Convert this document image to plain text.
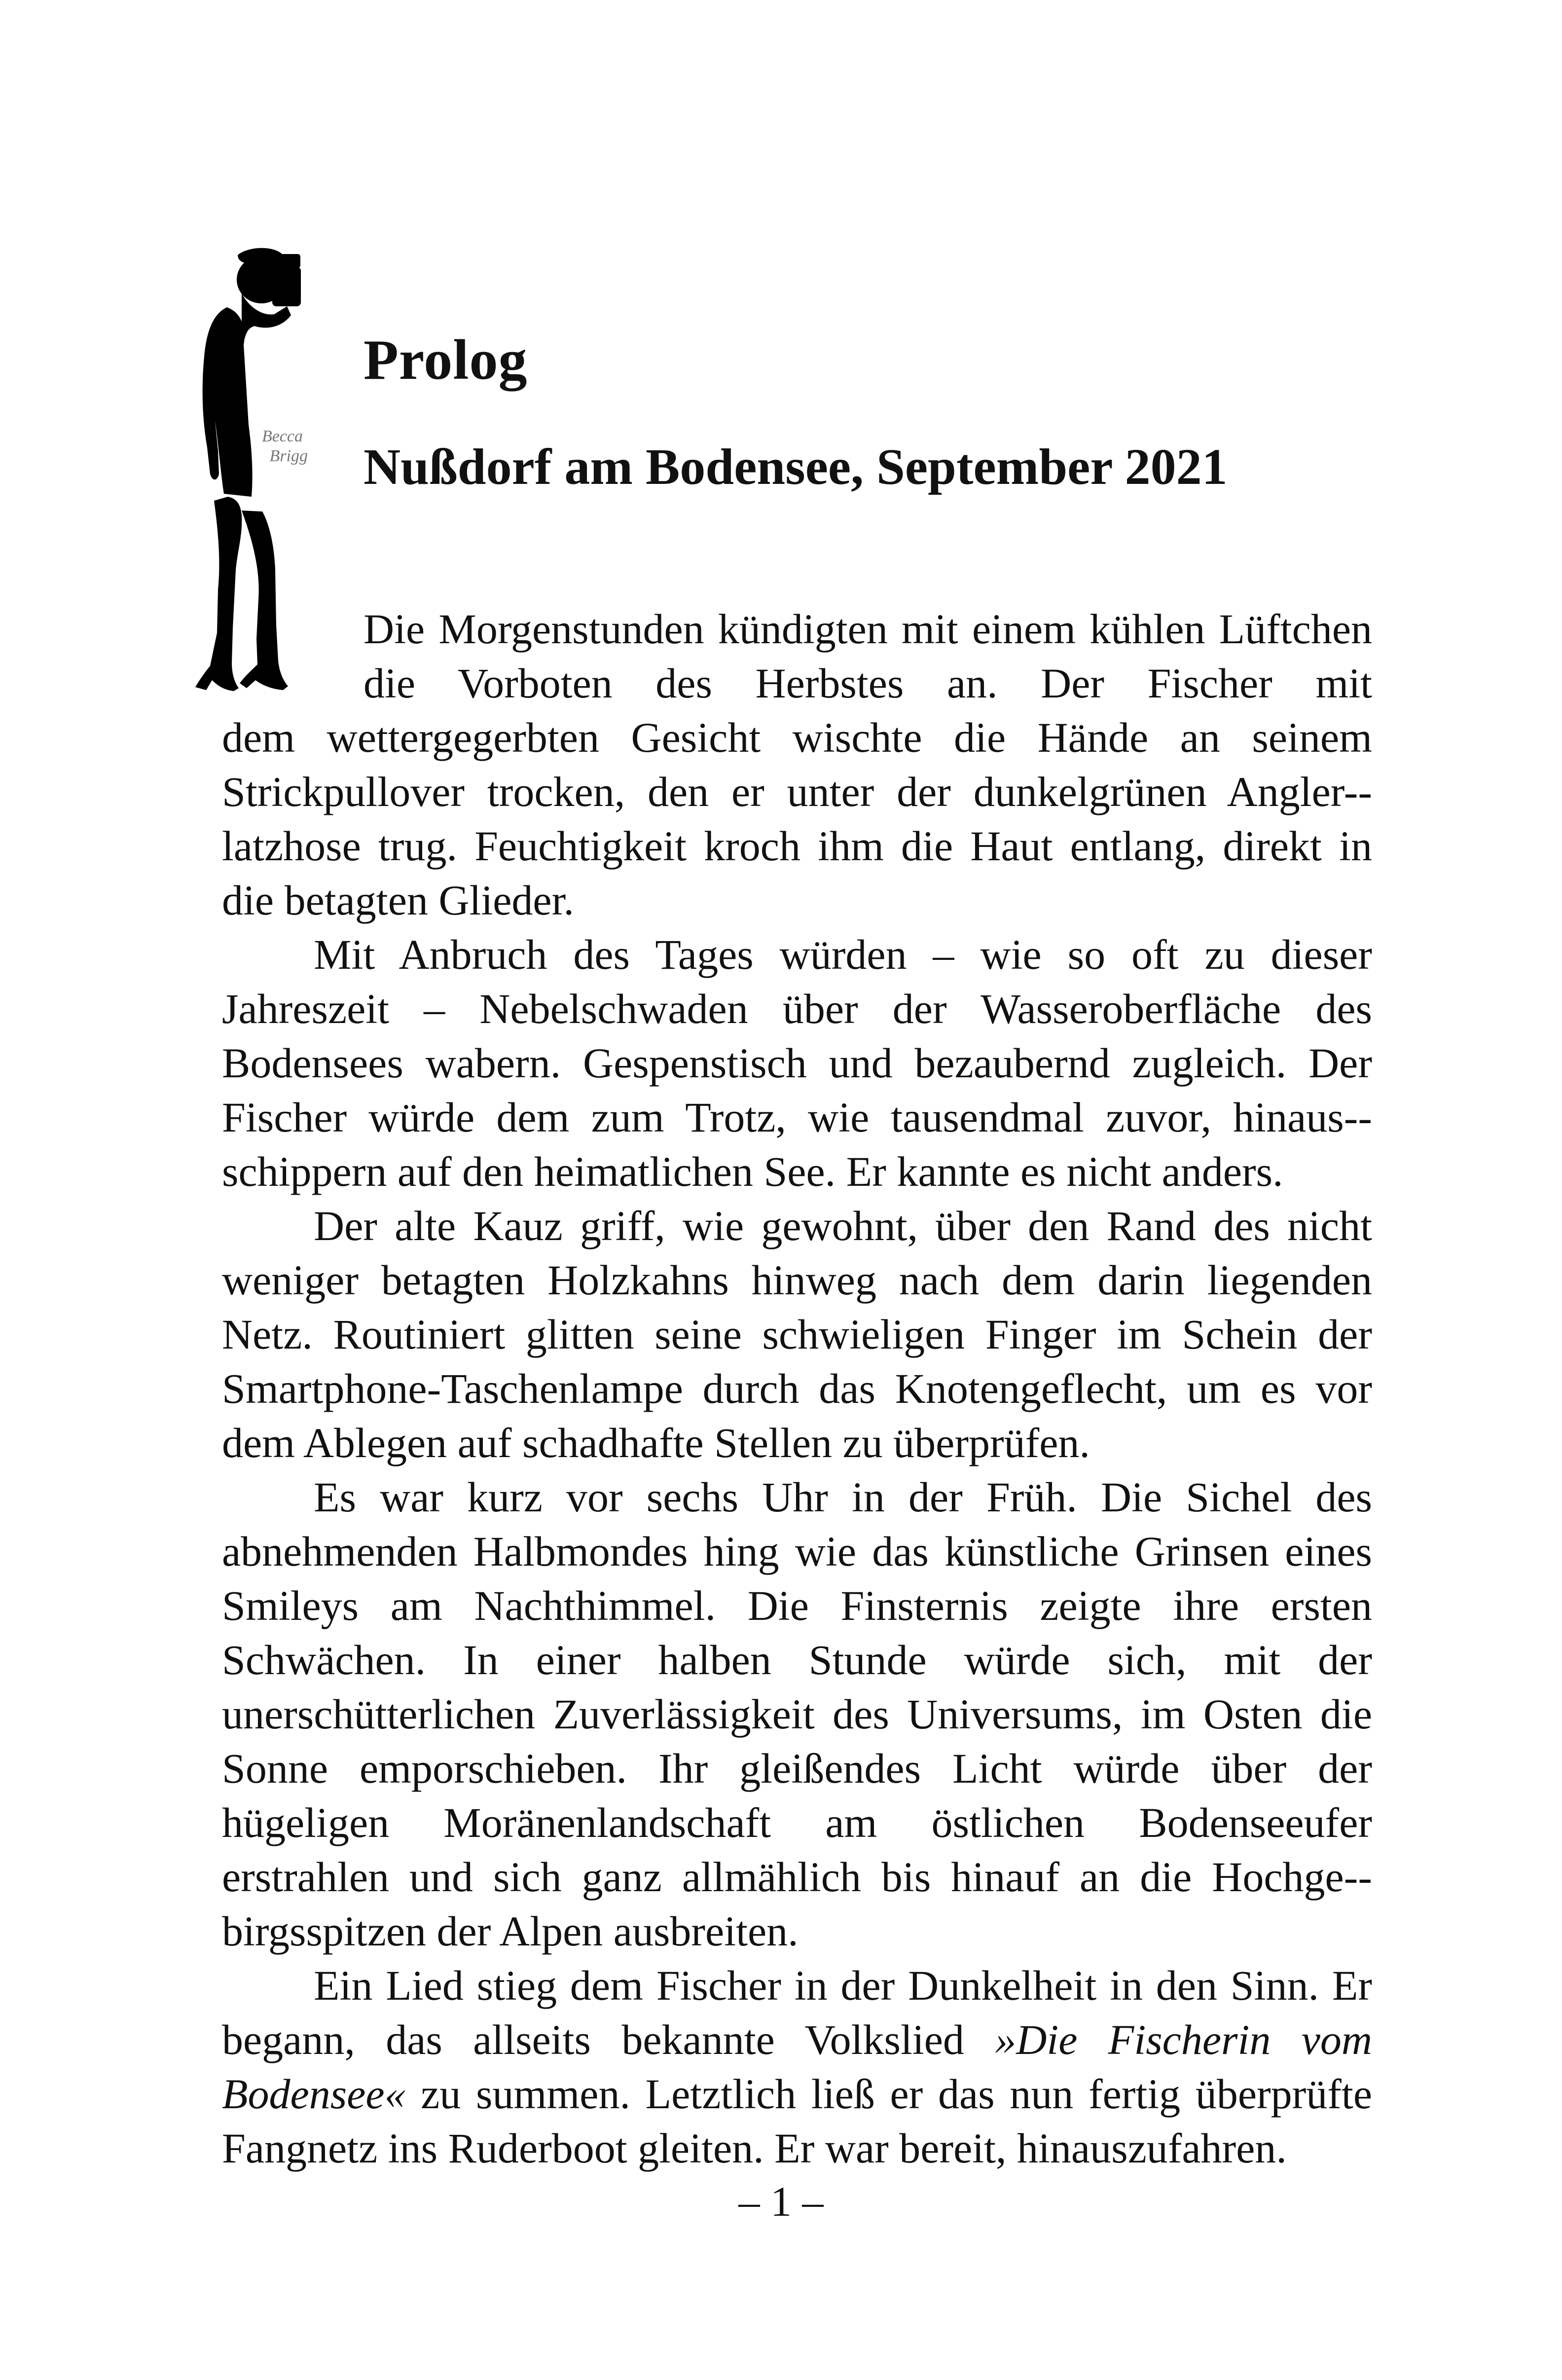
Becca
Brigg
Prolog
Nußdorf am Bodensee, September 2021

Die Morgenstunden kündigten mit einem kühlen Lüftchen die Vorboten des Herbstes an. Der Fischer mit
dem wettergegerbten Gesicht wischte die Hände an seinem Strickpullover trocken, den er unter der dunkelgrünen Angler-latzhose trug. Feuchtigkeit kroch ihm die Haut entlang, direkt in die betagten Glieder.

Mit Anbruch des Tages würden – wie so oft zu dieser Jahreszeit – Nebelschwaden über der Wasseroberfläche des Bodensees wabern. Gespenstisch und bezaubernd zugleich. Der Fischer würde dem zum Trotz, wie tausendmal zuvor, hinaus-schippern auf den heimatlichen See. Er kannte es nicht anders.

Der alte Kauz griff, wie gewohnt, über den Rand des nicht weniger betagten Holzkahns hinweg nach dem darin liegenden Netz. Routiniert glitten seine schwieligen Finger im Schein der Smartphone-Taschenlampe durch das Knotengeflecht, um es vor dem Ablegen auf schadhafte Stellen zu überprüfen.

Es war kurz vor sechs Uhr in der Früh. Die Sichel des abnehmenden Halbmondes hing wie das künstliche Grinsen eines Smileys am Nachthimmel. Die Finsternis zeigte ihre ersten Schwächen. In einer halben Stunde würde sich, mit der unerschütterlichen Zuverlässigkeit des Universums, im Osten die Sonne emporschieben. Ihr gleißendes Licht würde über der hügeligen Moränenlandschaft am östlichen Bodenseeufer erstrahlen und sich ganz allmählich bis hinauf an die Hochge-birgsspitzen der Alpen ausbreiten.

Ein Lied stieg dem Fischer in der Dunkelheit in den Sinn. Er begann, das allseits bekannte Volkslied »Die Fischerin vom Bodensee« zu summen. Letztlich ließ er das nun fertig überprüfte Fangnetz ins Ruderboot gleiten. Er war bereit, hinauszufahren.

– 1 –
